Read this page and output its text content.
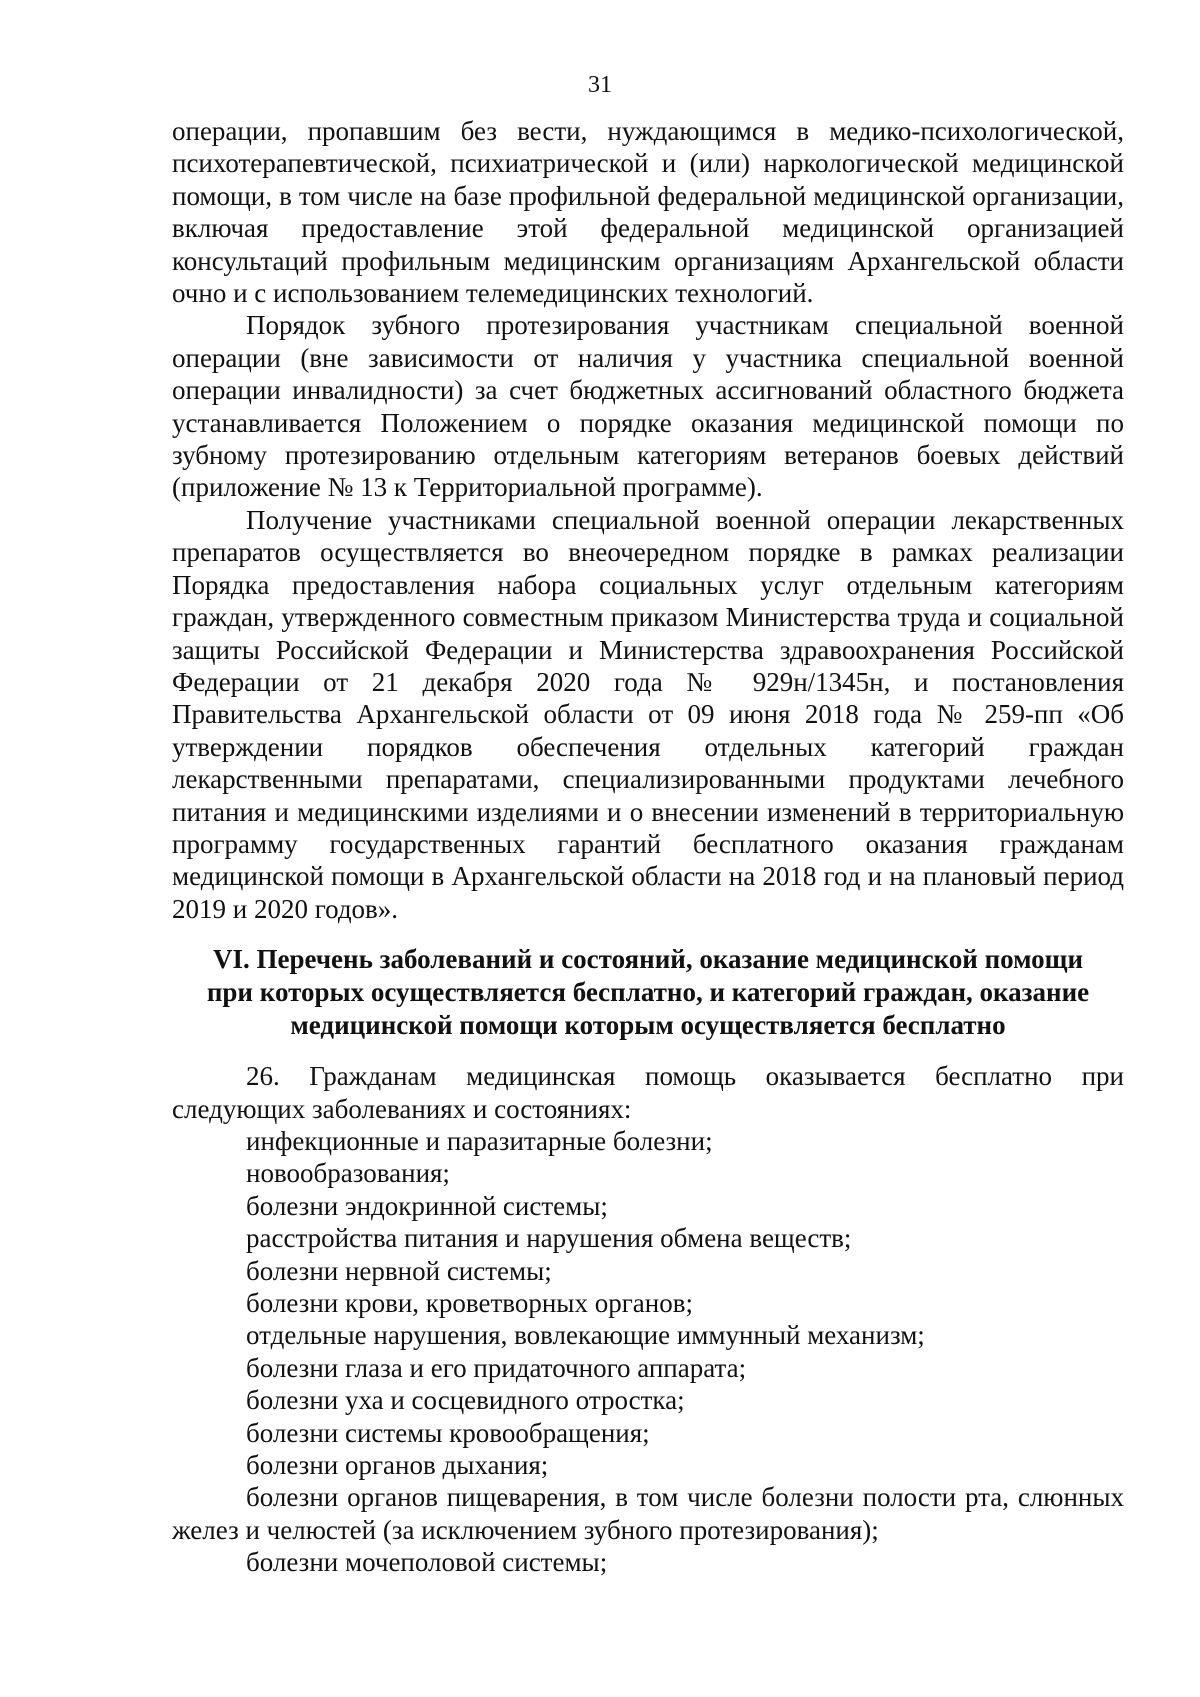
31

операции, пропавшим без вести, нуждающимся в медико-психологической, психотерапевтической, психиатрической и (или) наркологической медицинской помощи, в том числе на базе профильной федеральной медицинской организации, включая предоставление этой федеральной медицинской организацией консультаций профильным медицинским организациям Архангельской области очно и с использованием телемедицинских технологий.

Порядок зубного протезирования участникам специальной военной операции (вне зависимости от наличия у участника специальной военной операции инвалидности) за счет бюджетных ассигнований областного бюджета устанавливается Положением о порядке оказания медицинской помощи по зубному протезированию отдельным категориям ветеранов боевых действий (приложение № 13 к Территориальной программе).

Получение участниками специальной военной операции лекарственных препаратов осуществляется во внеочередном порядке в рамках реализации Порядка предоставления набора социальных услуг отдельным категориям граждан, утвержденного совместным приказом Министерства труда и социальной защиты Российской Федерации и Министерства здравоохранения Российской Федерации от 21 декабря 2020 года № 929н/1345н, и постановления Правительства Архангельской области от 09 июня 2018 года № 259-пп «Об утверждении порядков обеспечения отдельных категорий граждан лекарственными препаратами, специализированными продуктами лечебного питания и медицинскими изделиями и о внесении изменений в территориальную программу государственных гарантий бесплатного оказания гражданам медицинской помощи в Архангельской области на 2018 год и на плановый период 2019 и 2020 годов».

VI. Перечень заболеваний и состояний, оказание медицинской помощи при которых осуществляется бесплатно, и категорий граждан, оказание медицинской помощи которым осуществляется бесплатно

26. Гражданам медицинская помощь оказывается бесплатно при следующих заболеваниях и состояниях:

инфекционные и паразитарные болезни;

новообразования;

болезни эндокринной системы;

расстройства питания и нарушения обмена веществ;

болезни нервной системы;

болезни крови, кроветворных органов;

отдельные нарушения, вовлекающие иммунный механизм;

болезни глаза и его придаточного аппарата;

болезни уха и сосцевидного отростка;

болезни системы кровообращения;

болезни органов дыхания;

болезни органов пищеварения, в том числе болезни полости рта, слюнных желез и челюстей (за исключением зубного протезирования);

болезни мочеполовой системы;
